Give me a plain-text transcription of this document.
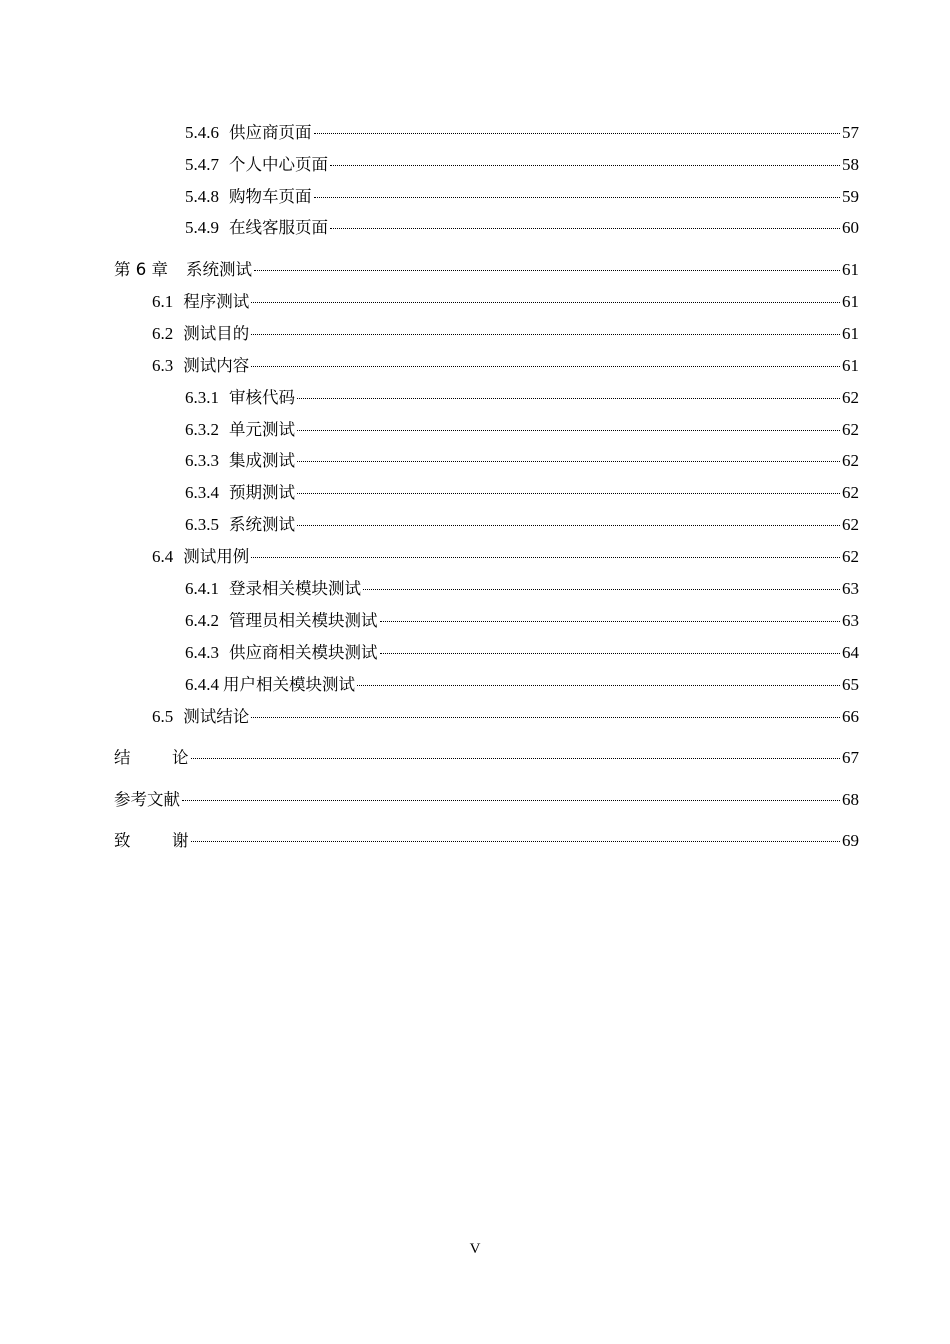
5.4.6 供应商页面	57
5.4.7 个人中心页面	58
5.4.8 购物车页面	59
5.4.9 在线客服页面	60
第 6 章 系统测试	61
6.1 程序测试	61
6.2 测试目的	61
6.3 测试内容	61
6.3.1 审核代码	62
6.3.2 单元测试	62
6.3.3 集成测试	62
6.3.4 预期测试	62
6.3.5 系统测试	62
6.4 测试用例	62
6.4.1 登录相关模块测试	63
6.4.2 管理员相关模块测试	63
6.4.3 供应商相关模块测试	64
6.4.4 用户相关模块测试	65
6.5 测试结论	66
结	论	67
参考文献	68
致	谢	69
V
